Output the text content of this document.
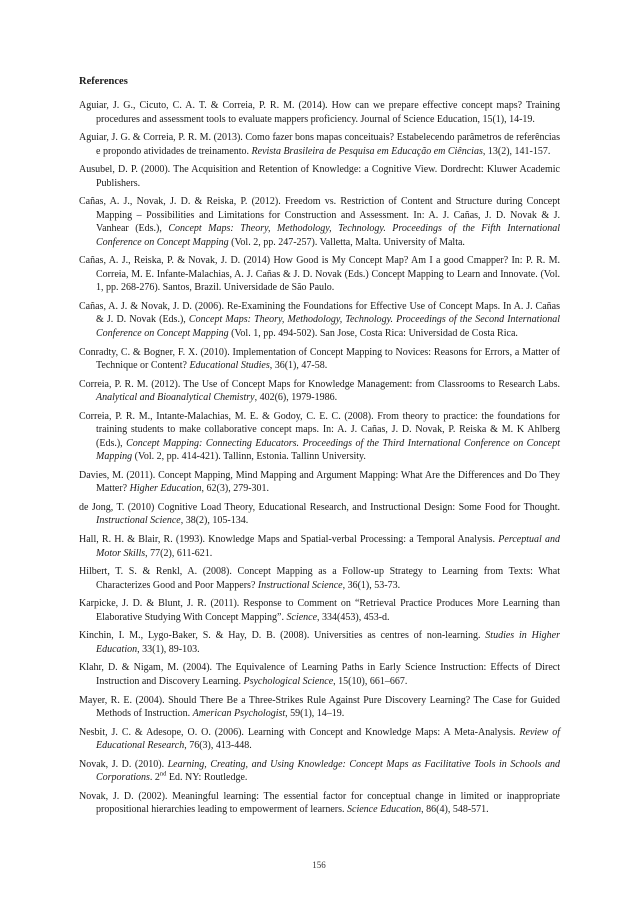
References
Aguiar, J. G., Cicuto, C. A. T. & Correia, P. R. M. (2014). How can we prepare effective concept maps? Training procedures and assessment tools to evaluate mappers proficiency. Journal of Science Education, 15(1), 14-19.
Aguiar, J. G. & Correia, P. R. M. (2013). Como fazer bons mapas conceituais? Estabelecendo parâmetros de referências e propondo atividades de treinamento. Revista Brasileira de Pesquisa em Educação em Ciências, 13(2), 141-157.
Ausubel, D. P. (2000). The Acquisition and Retention of Knowledge: a Cognitive View. Dordrecht: Kluwer Academic Publishers.
Cañas, A. J., Novak, J. D. & Reiska, P. (2012). Freedom vs. Restriction of Content and Structure during Concept Mapping – Possibilities and Limitations for Construction and Assessment. In: A. J. Cañas, J. D. Novak & J. Vanhear (Eds.), Concept Maps: Theory, Methodology, Technology. Proceedings of the Fifth International Conference on Concept Mapping (Vol. 2, pp. 247-257). Valletta, Malta. University of Malta.
Cañas, A. J., Reiska, P. & Novak, J. D. (2014) How Good is My Concept Map? Am I a good Cmapper? In: P. R. M. Correia, M. E. Infante-Malachias, A. J. Cañas & J. D. Novak (Eds.) Concept Mapping to Learn and Innovate. (Vol. 1, pp. 268-276). Santos, Brazil. Universidade de São Paulo.
Cañas, A. J. & Novak, J. D. (2006). Re-Examining the Foundations for Effective Use of Concept Maps. In A. J. Cañas & J. D. Novak (Eds.), Concept Maps: Theory, Methodology, Technology. Proceedings of the Second International Conference on Concept Mapping (Vol. 1, pp. 494-502). San Jose, Costa Rica: Universidad de Costa Rica.
Conradty, C. & Bogner, F. X. (2010). Implementation of Concept Mapping to Novices: Reasons for Errors, a Matter of Technique or Content? Educational Studies, 36(1), 47-58.
Correia, P. R. M. (2012). The Use of Concept Maps for Knowledge Management: from Classrooms to Research Labs. Analytical and Bioanalytical Chemistry, 402(6), 1979-1986.
Correia, P. R. M., Intante-Malachias, M. E. & Godoy, C. E. C. (2008). From theory to practice: the foundations for training students to make collaborative concept maps. In: A. J. Cañas, J. D. Novak, P. Reiska & M. K Ahlberg (Eds.), Concept Mapping: Connecting Educators. Proceedings of the Third International Conference on Concept Mapping (Vol. 2, pp. 414-421). Tallinn, Estonia. Tallinn University.
Davies, M. (2011). Concept Mapping, Mind Mapping and Argument Mapping: What Are the Differences and Do They Matter? Higher Education, 62(3), 279-301.
de Jong, T. (2010) Cognitive Load Theory, Educational Research, and Instructional Design: Some Food for Thought. Instructional Science, 38(2), 105-134.
Hall, R. H. & Blair, R. (1993). Knowledge Maps and Spatial-verbal Processing: a Temporal Analysis. Perceptual and Motor Skills, 77(2), 611-621.
Hilbert, T. S. & Renkl, A. (2008). Concept Mapping as a Follow-up Strategy to Learning from Texts: What Characterizes Good and Poor Mappers? Instructional Science, 36(1), 53-73.
Karpicke, J. D. & Blunt, J. R. (2011). Response to Comment on “Retrieval Practice Produces More Learning than Elaborative Studying With Concept Mapping”. Science, 334(453), 453-d.
Kinchin, I. M., Lygo-Baker, S. & Hay, D. B. (2008). Universities as centres of non-learning. Studies in Higher Education, 33(1), 89-103.
Klahr, D. & Nigam, M. (2004). The Equivalence of Learning Paths in Early Science Instruction: Effects of Direct Instruction and Discovery Learning. Psychological Science, 15(10), 661–667.
Mayer, R. E. (2004). Should There Be a Three-Strikes Rule Against Pure Discovery Learning? The Case for Guided Methods of Instruction. American Psychologist, 59(1), 14–19.
Nesbit, J. C. & Adesope, O. O. (2006). Learning with Concept and Knowledge Maps: A Meta-Analysis. Review of Educational Research, 76(3), 413-448.
Novak, J. D. (2010). Learning, Creating, and Using Knowledge: Concept Maps as Facilitative Tools in Schools and Corporations. 2nd Ed. NY: Routledge.
Novak, J. D. (2002). Meaningful learning: The essential factor for conceptual change in limited or inappropriate propositional hierarchies leading to empowerment of learners. Science Education, 86(4), 548-571.
156
